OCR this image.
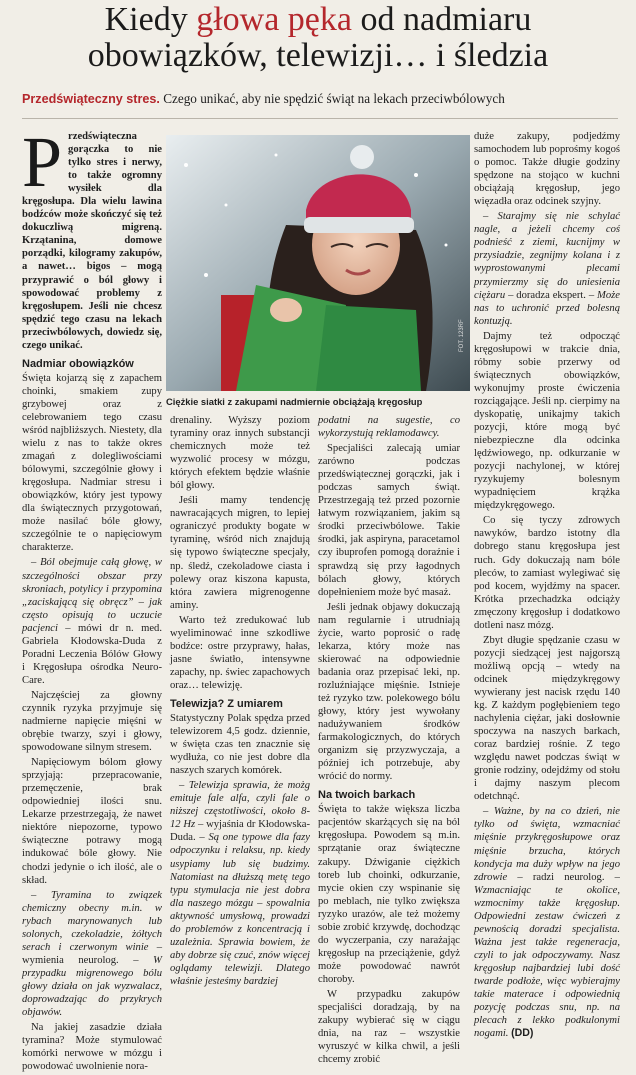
Kiedy głowa pęka od nadmiaru
obowiązków, telewizji… i śledzia
Przedświąteczny stres. Czego unikać, aby nie spędzić świąt na lekach przeciwbólowych
FOT. 123RF
Ciężkie siatki z zakupami nadmiernie obciążają kręgosłup

Przedświąteczna gorączka to nie tylko stres i nerwy, to także ogromny wysiłek dla kręgosłupa. Dla wielu lawina bodźców może skończyć się też dokuczliwą migreną. Krzątanina, domowe porządki, kilogramy zakupów, a nawet… bigos – mogą przyprawić o ból głowy i spowodować problemy z kręgosłupem. Jeśli nie chcesz spędzić tego czasu na lekach przeciwbólowych, dowiedz się, czego unikać.

Nadmiar obowiązków

Święta kojarzą się z zapachem choinki, smakiem zupy grzybowej oraz z celebrowaniem tego czasu wśród najbliższych. Niestety, dla wielu z nas to także okres zmagań z dolegliwościami bólowymi, szczególnie głowy i kręgosłupa. Nadmiar stresu i obowiązków, który jest typowy dla świątecznych przygotowań, może nasilać bóle głowy, szczególnie te o napięciowym charakterze.

– Ból obejmuje całą głowę, w szczególności obszar przy skroniach, potylicy i przypomina „zaciskającą się obręcz” – jak często opisują to uczucie pacjenci – mówi dr n. med. Gabriela Kłodowska-Duda z Poradni Leczenia Bólów Głowy i Kręgosłupa ośrodka Neuro-Care.

Najczęściej za głowny czynnik ryzyka przyjmuje się nadmierne napięcie mięśni w obrębie twarzy, szyi i głowy, spowodowane silnym stresem.

Napięciowym bólom głowy sprzyjają: przepracowanie, przemęczenie, brak odpowiedniej ilości snu. Lekarze przestrzegają, że nawet niektóre niepozorne, typowo świąteczne potrawy mogą indukować bóle głowy. Nie chodzi jedynie o ich ilość, ale o skład.

– Tyramina to związek chemiczny obecny m.in. w rybach marynowanych lub solonych, czekoladzie, żółtych serach i czerwonym winie – wymienia neurolog. – W przypadku migrenowego bólu głowy działa on jak wyzwalacz, doprowadzając do przykrych objawów.

Na jakiej zasadzie działa tyramina? Może stymulować komórki nerwowe w mózgu i powodować uwolnienie nora-

drenaliny. Wyższy poziom tyraminy oraz innych substancji chemicznych może też wyzwolić procesy w mózgu, których efektem będzie właśnie ból głowy.

Jeśli mamy tendencję nawracających migren, to lepiej ograniczyć produkty bogate w tyraminę, wśród nich znajdują się typowo świąteczne specjały, np. śledź, czekoladowe ciasta i polewy oraz kiszona kapusta, która zawiera migrenogenne aminy.

Warto też zredukować lub wyeliminować inne szkodliwe bodźce: ostre przyprawy, hałas, jasne światło, intensywne zapachy, np. świec zapachowych oraz… telewizję.

Telewizja? Z umiarem

Statystyczny Polak spędza przed telewizorem 4,5 godz. dziennie, w święta czas ten znacznie się wydłuża, co nie jest dobre dla naszych szarych komórek.

– Telewizja sprawia, że możg emituje fale alfa, czyli fale o niższej częstotliwości, około 8-12 Hz – wyjaśnia dr Kłodowska-Duda. – Są one typowe dla fazy odpoczynku i relaksu, np. kiedy usypiamy lub się budzimy. Natomiast na dłuższą metę tego typu stymulacja nie jest dobra dla naszego mózgu – spowalnia aktywność umysłową, prowadzi do problemów z koncentracją i uzależnia. Sprawia bowiem, że aby dobrze się czuć, znów więcej oglądamy telewizji. Dlatego właśnie jesteśmy bardziej

podatni na sugestie, co wykorzystują reklamodawcy.

Specjaliści zalecają umiar zarówno podczas przedświątecznej gorączki, jak i podczas samych świąt. Przestrzegają też przed pozornie łatwym rozwiązaniem, jakim są środki przeciwbólowe. Takie środki, jak aspiryna, paracetamol czy ibuprofen pomogą doraźnie i sprawdzą się przy łagodnych bólach głowy, których dopełnieniem może być masaż.

Jeśli jednak objawy dokuczają nam regularnie i utrudniają życie, warto poprosić o radę lekarza, który może nas skierować na odpowiednie badania oraz przepisać leki, np. rozluźniające mięśnie. Istnieje też ryzyko tzw. polekowego bólu głowy, który jest wywołany nadużywaniem środków farmakologicznych, do których organizm się przyzwyczaja, a później ich potrzebuje, aby wrócić do normy.

Na twoich barkach

Święta to także większa liczba pacjentów skarżących się na ból kręgosłupa. Powodem są m.in. sprzątanie oraz świąteczne zakupy. Dźwiganie ciężkich toreb lub choinki, odkurzanie, mycie okien czy wspinanie się po meblach, nie tylko zwiększa ryzyko urazów, ale też możemy sobie zrobić krzywdę, dochodząc do wyczerpania, czy narażając kręgosłup na przeciążenie, gdyż może powodować nawrót choroby.

W przypadku zakupów specjaliści doradzają, by na zakupy wybierać się w ciągu dnia, na raz – wszystkie wyruszyć w kilka chwil, a jeśli chcemy zrobić

duże zakupy, podjedźmy samochodem lub poprośmy kogoś o pomoc. Także długie godziny spędzone na stojąco w kuchni obciążają kręgosłup, jego więzadła oraz odcinek szyjny.

– Starajmy się nie schylać nagle, a jeżeli chcemy coś podnieść z ziemi, kucnijmy w przysiadzie, zegnijmy kolana i z wyprostowanymi plecami przymierzmy się do uniesienia ciężaru – doradza ekspert. – Może nas to uchronić przed bolesną kontuzją.

Dajmy też odpocząć kręgosłupowi w trakcie dnia, róbmy sobie przerwy od świątecznych obowiązków, wykonujmy proste ćwiczenia rozciągające. Jeśli np. cierpimy na dyskopatię, unikajmy takich pozycji, które mogą być niebezpieczne dla odcinka lędźwiowego, np. odkurzanie w pozycji nachylonej, w której ryzykujemy bolesnym wypadnięciem krążka międzykręgowego.

Co się tyczy zdrowych nawyków, bardzo istotny dla dobrego stanu kręgosłupa jest ruch. Gdy dokuczają nam bóle pleców, to zamiast wylegiwać się pod kocem, wyjdźmy na spacer. Krótka przechadzka odciąży zmęczony kręgosłup i dodatkowo dotleni nasz mózg.

Zbyt długie spędzanie czasu w pozycji siedzącej jest najgorszą możliwą opcją – wtedy na odcinek międzykręgowy wywierany jest nacisk rzędu 140 kg. Z każdym pogłębieniem tego nachylenia ciężar, jaki dosłownie spoczywa na naszych barkach, coraz bardziej rośnie. Z tego względu nawet podczas świąt w gronie rodziny, odejdźmy od stołu i dajmy naszym plecom odetchnąć.

– Ważne, by na co dzień, nie tylko od święta, wzmacniać mięśnie przykręgosłupowe oraz mięśnie brzucha, których kondycja ma duży wpływ na jego zdrowie – radzi neurolog. – Wzmacniając te okolice, wzmocnimy także kręgosłup. Odpowiedni zestaw ćwiczeń z pewnością doradzi specjalista. Ważna jest także regeneracja, czyli to jak odpoczywamy. Nasz kręgosłup najbardziej lubi dość twarde podłoże, więc wybierajmy takie materace i odpowiednią pozycję podczas snu, np. na plecach z lekko podkulonymi nogami. (DD)
